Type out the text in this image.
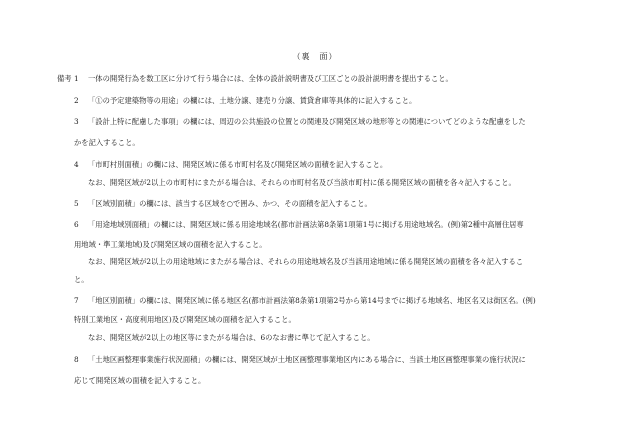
（裏　面）
備考 1 一体の開発行為を数工区に分けて行う場合には、全体の設計説明書及び工区ごとの設計説明書を提出すること。
2 「①の予定建築物等の用途」の欄には、土地分譲、建売り分譲、賃貸倉庫等具体的に記入すること。
3 「設計上特に配慮した事項」の欄には、周辺の公共施設の位置との関連及び開発区域の地形等との関連についてどのような配慮をした
かを記入すること。
4 「市町村別面積」の欄には、開発区域に係る市町村名及び開発区域の面積を記入すること。
なお、開発区域が2以上の市町村にまたがる場合は、それらの市町村名及び当該市町村に係る開発区域の面積を各々記入すること。
5 「区域別面積」の欄には、該当する区域を○で囲み、かつ、その面積を記入すること。
6 「用途地域別面積」の欄には、開発区域に係る用途地域名(都市計画法第8条第1項第1号に掲げる用途地域名。(例)第2種中高層住居専
用地域・準工業地域)及び開発区域の面積を記入すること。
なお、開発区域が2以上の用途地域にまたがる場合は、それらの用途地域名及び当該用途地域に係る開発区域の面積を各々記入するこ
と。
7 「地区別面積」の欄には、開発区域に係る地区名(都市計画法第8条第1項第2号から第14号までに掲げる地域名、地区名又は街区名。(例)
特別工業地区・高度利用地区)及び開発区域の面積を記入すること。
なお、開発区域が2以上の地区等にまたがる場合は、6のなお書に準じて記入すること。
8 「土地区画整理事業施行状況面積」の欄には、開発区域が土地区画整理事業地区内にある場合に、当該土地区画整理事業の施行状況に
応じて開発区域の面積を記入すること。
